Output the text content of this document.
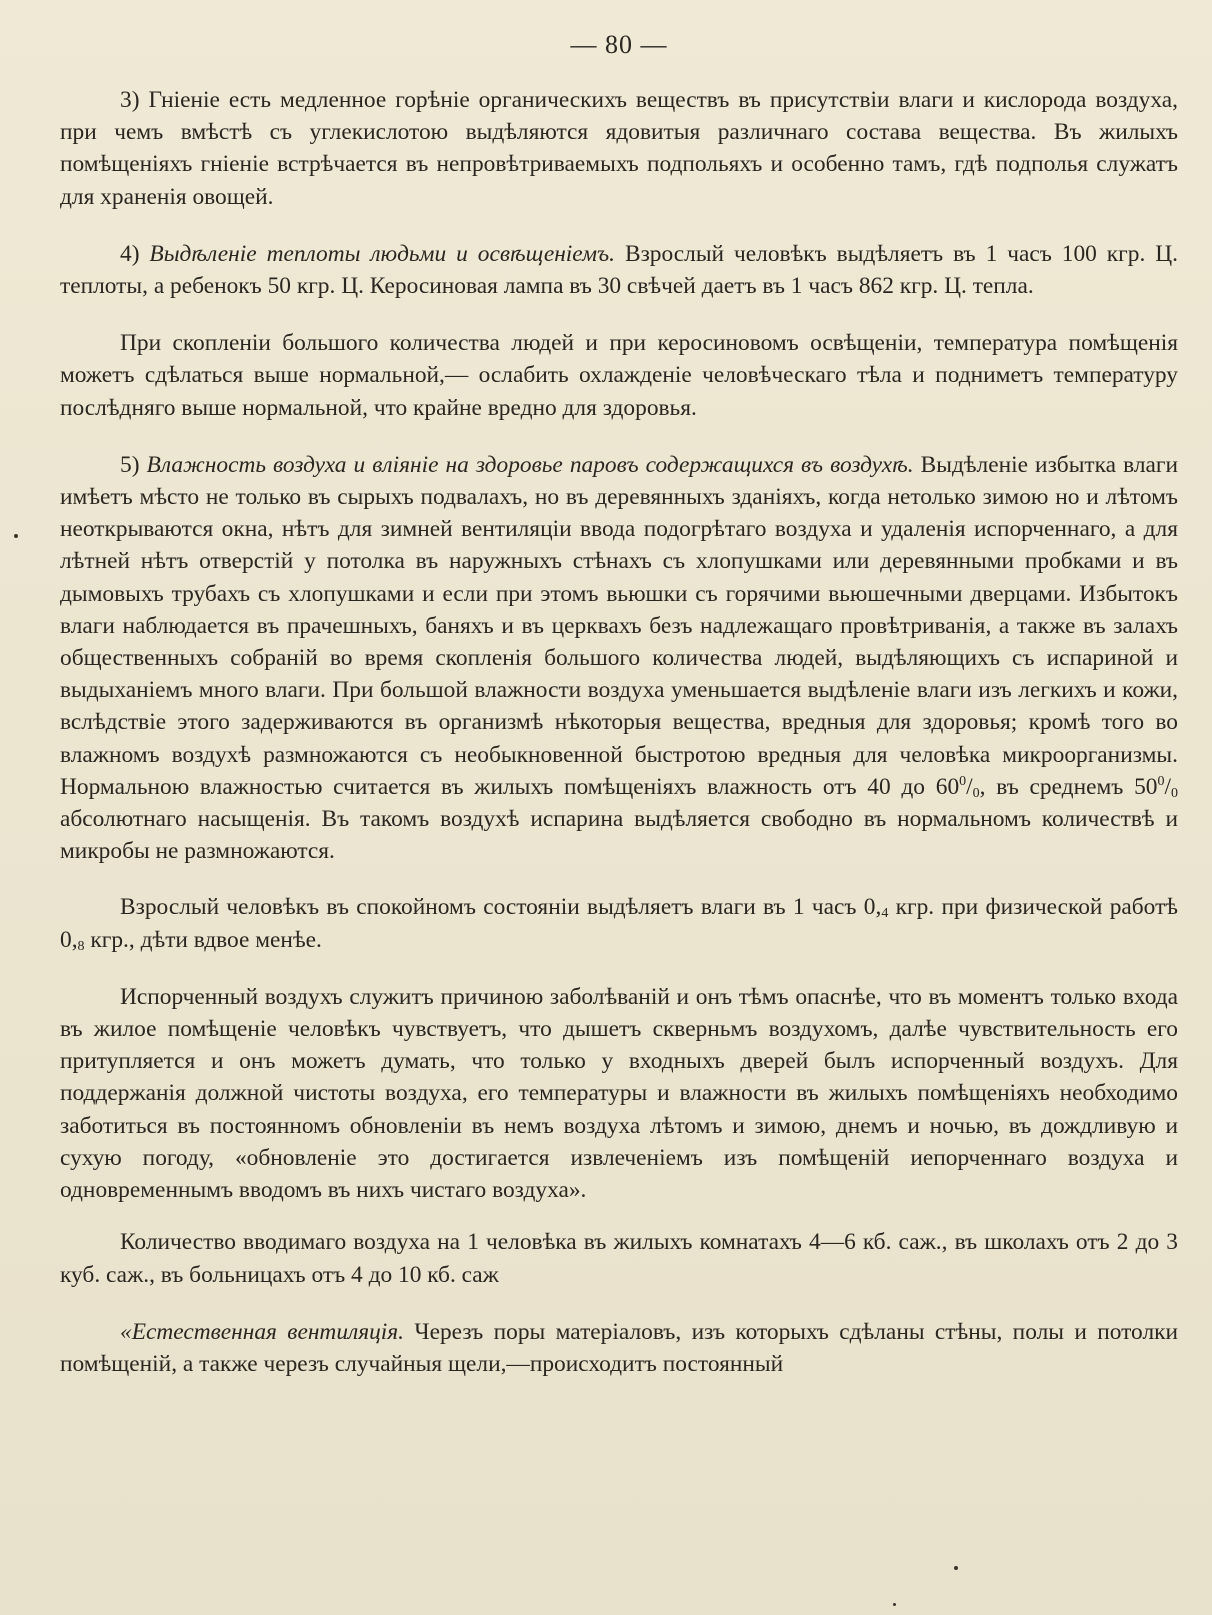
— 80 —

3) Гніеніе есть медленное горѣніе органическихъ веществъ въ присутствіи влаги и кислорода воздуха, при чемъ вмѣстѣ съ углекислотою выдѣляются ядовитыя различнаго состава вещества. Въ жилыхъ помѣщеніяхъ гніеніе встрѣчается въ непровѣтриваемыхъ подпольяхъ и особенно тамъ, гдѣ подполья служатъ для храненія овощей.

4) Выдѣленіе теплоты людьми и освѣщеніемъ. Взрослый человѣкъ выдѣляетъ въ 1 часъ 100 кгр. Ц. теплоты, а ребенокъ 50 кгр. Ц. Керосиновая лампа въ 30 свѣчей даетъ въ 1 часъ 862 кгр. Ц. тепла.

При скопленіи большого количества людей и при керосиновомъ освѣщеніи, температура помѣщенія можетъ сдѣлаться выше нормальной,— ослабить охлажденіе человѣческаго тѣла и подниметъ температуру послѣдняго выше нормальной, что крайне вредно для здоровья.

5) Влажность воздуха и вліяніе на здоровье паровъ содержащихся въ воздухѣ. Выдѣленіе избытка влаги имѣетъ мѣсто не только въ сырыхъ подвалахъ, но въ деревянныхъ зданіяхъ, когда нетолько зимою но и лѣтомъ неоткрываются окна, нѣтъ для зимней вентиляціи ввода подогрѣтаго воздуха и удаленія испорченнаго, а для лѣтней нѣтъ отверстій у потолка въ наружныхъ стѣнахъ съ хлопушками или деревянными пробками и въ дымовыхъ трубахъ съ хлопушками и если при этомъ вьюшки съ горячими вьюшечными дверцами. Избытокъ влаги наблюдается въ прачешныхъ, баняхъ и въ церквахъ безъ надлежащаго провѣтриванія, а также въ залахъ общественныхъ собраній во время скопленія большого количества людей, выдѣляющихъ съ испариной и выдыханіемъ много влаги. При большой влажности воздуха уменьшается выдѣленіе влаги изъ легкихъ и кожи, вслѣдствіе этого задерживаются въ организмѣ нѣкоторыя вещества, вредныя для здоровья; кромѣ того во влажномъ воздухѣ размножаются съ необыкновенной быстротою вредныя для человѣка микроорганизмы. Нормальною влажностью считается въ жилыхъ помѣщеніяхъ влажность отъ 40 до $60^0/_0$, въ среднемъ $50^0/_0$ абсолютнаго насыщенія. Въ такомъ воздухѣ испарина выдѣляется свободно въ нормальномъ количествѣ и микробы не размножаются.

Взрослый человѣкъ въ спокойномъ состояніи выдѣляетъ влаги въ 1 часъ $0,_4$ кгр. при физической работѣ $0,_8$ кгр., дѣти вдвое менѣе.

Испорченный воздухъ служитъ причиною заболѣваній и онъ тѣмъ опаснѣе, что въ моментъ только входа въ жилое помѣщеніе человѣкъ чувствуетъ, что дышетъ скверньмъ воздухомъ, далѣе чувствительность его притупляется и онъ можетъ думать, что только у входныхъ дверей былъ испорченный воздухъ. Для поддержанія должной чистоты воздуха, его температуры и влажности въ жилыхъ помѣщеніяхъ необходимо заботиться въ постоянномъ обновленіи въ немъ воздуха лѣтомъ и зимою, днемъ и ночью, въ дождливую и сухую погоду, «обновленіе это достигается извлеченіемъ изъ помѣщеній иепорченнаго воздуха и одновременнымъ вводомъ въ нихъ чистаго воздуха».

Количество вводимаго воздуха на 1 человѣка въ жилыхъ комнатахъ 4—6 кб. саж., въ школахъ отъ 2 до 3 куб. саж., въ больницахъ отъ 4 до 10 кб. саж

«Естественная вентиляція. Черезъ поры матеріаловъ, изъ которыхъ сдѣланы стѣны, полы и потолки помѣщеній, а также черезъ случайныя щели,—происходитъ постоянный
